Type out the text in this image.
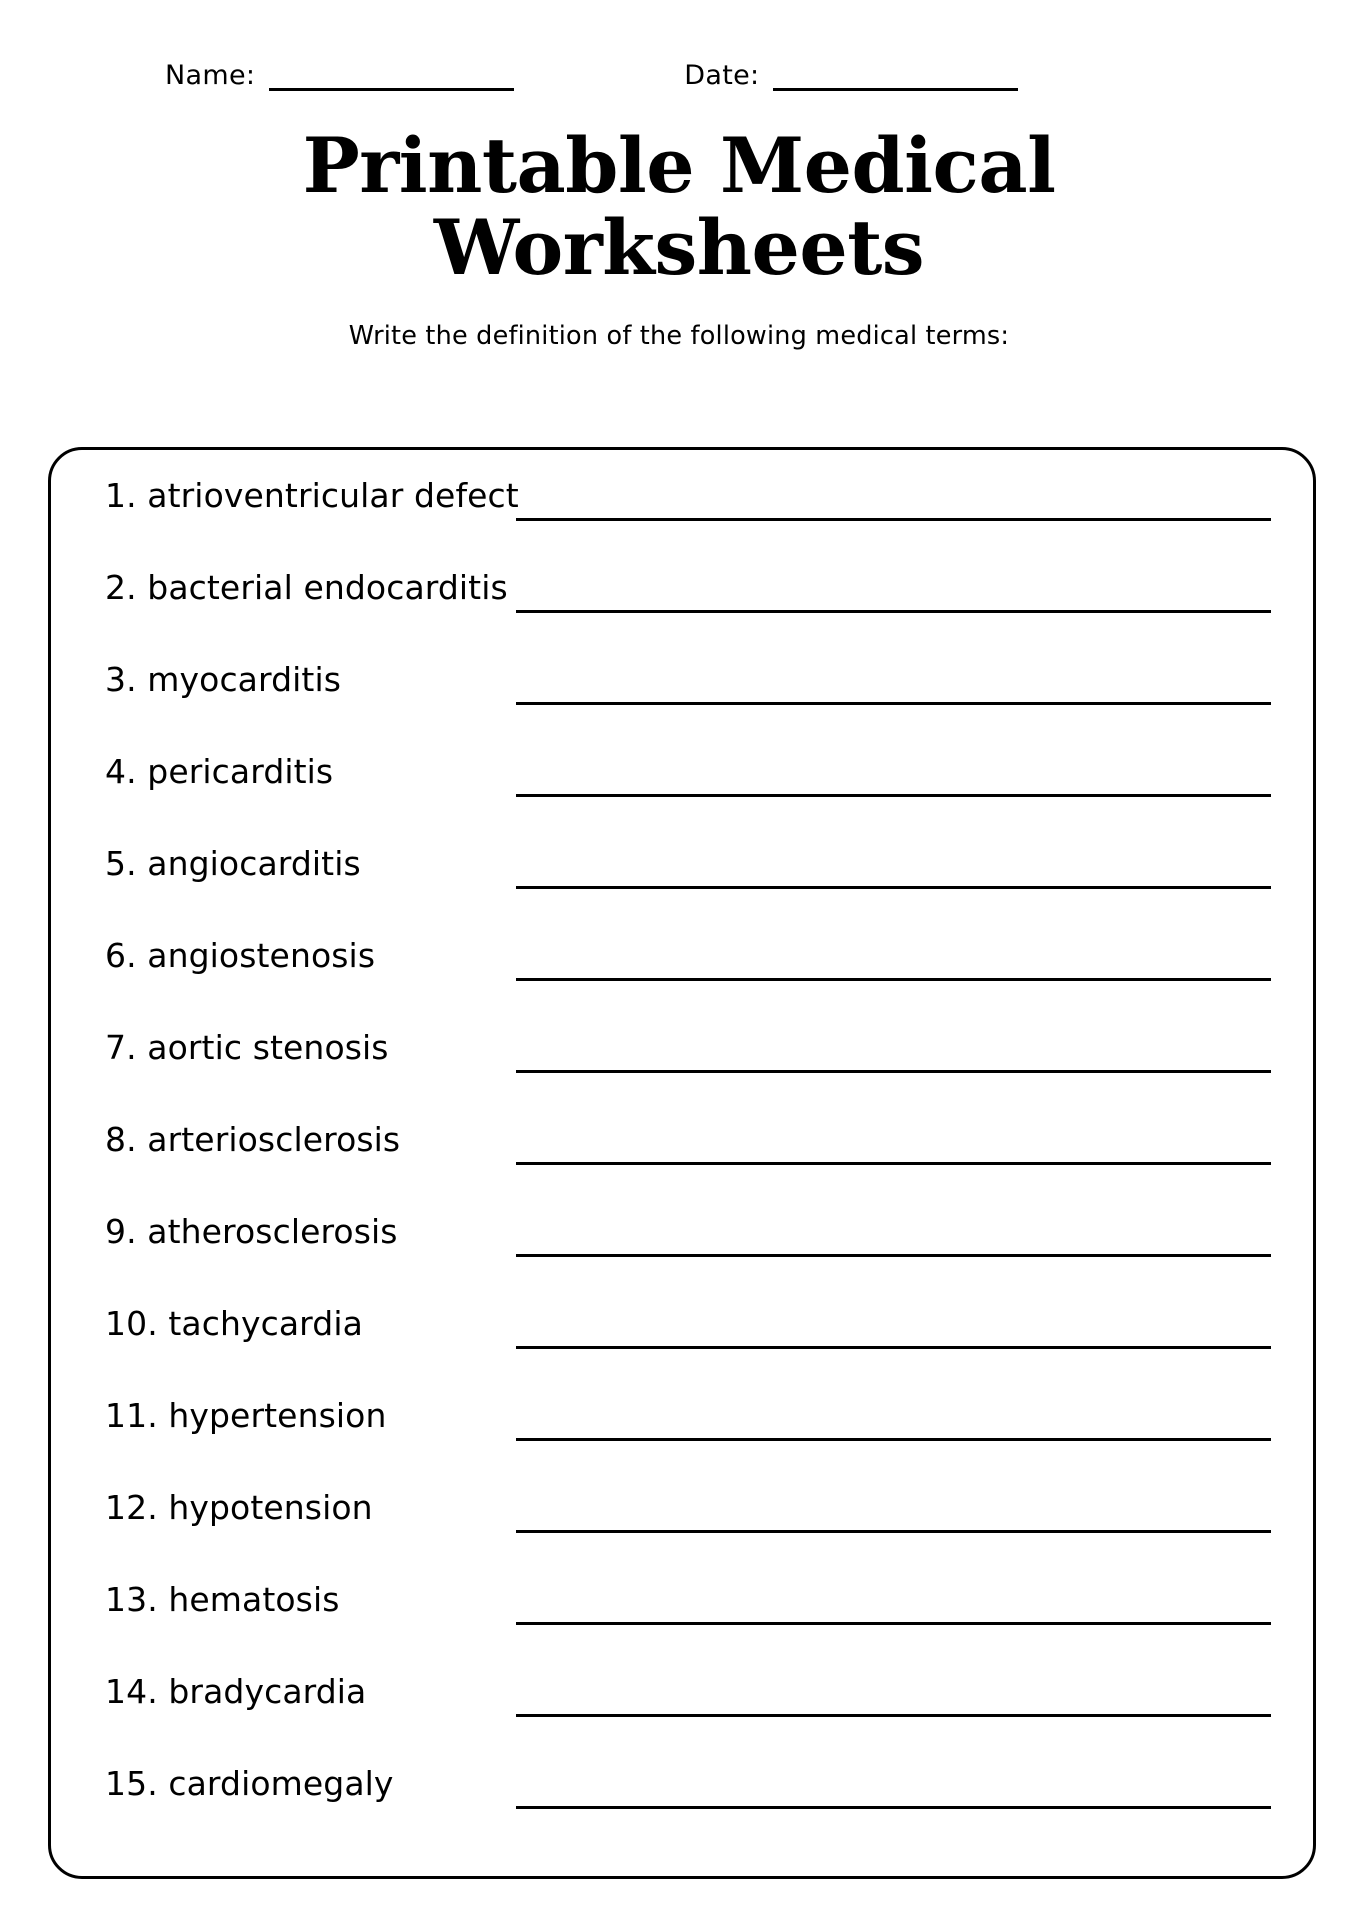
Name:	Date:
Printable Medical Worksheets
Write the definition of the following medical terms:
1. atrioventricular defect
2. bacterial endocarditis
3. myocarditis
4. pericarditis
5. angiocarditis
6. angiostenosis
7. aortic stenosis
8. arteriosclerosis
9. atherosclerosis
10. tachycardia
11. hypertension
12. hypotension
13. hematosis
14. bradycardia
15. cardiomegaly
